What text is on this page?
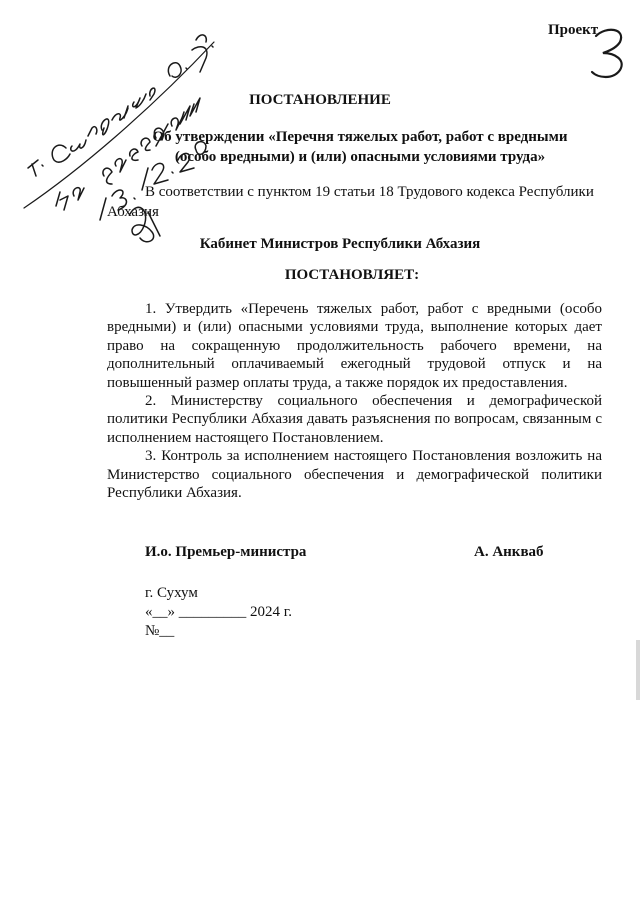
Проект
ПОСТАНОВЛЕНИЕ
Об утверждении «Перечня тяжелых работ, работ с вредными
(особо вредными) и (или) опасными условиями труда»
В соответствии с пунктом 19 статьи 18 Трудового кодекса Республики Абхазия
Кабинет Министров Республики Абхазия
ПОСТАНОВЛЯЕТ:

1. Утвердить «Перечень тяжелых работ, работ с вредными (особо вредными) и (или) опасными условиями труда, выполнение которых дает право на сокращенную продолжительность рабочего времени, на дополнительный оплачиваемый ежегодный трудовой отпуск и на повышенный размер оплаты труда, а также порядок их предоставления.

2. Министерству социального обеспечения и демографической политики Республики Абхазия давать разъяснения по вопросам, связанным с исполнением настоящего Постановлением.

3. Контроль за исполнением настоящего Постановления возложить на Министерство социального обеспечения и демографической политики Республики Абхазия.

И.о. Премьер-министра	А. Анкваб
г. Сухум
«__» _________ 2024 г.
№__
